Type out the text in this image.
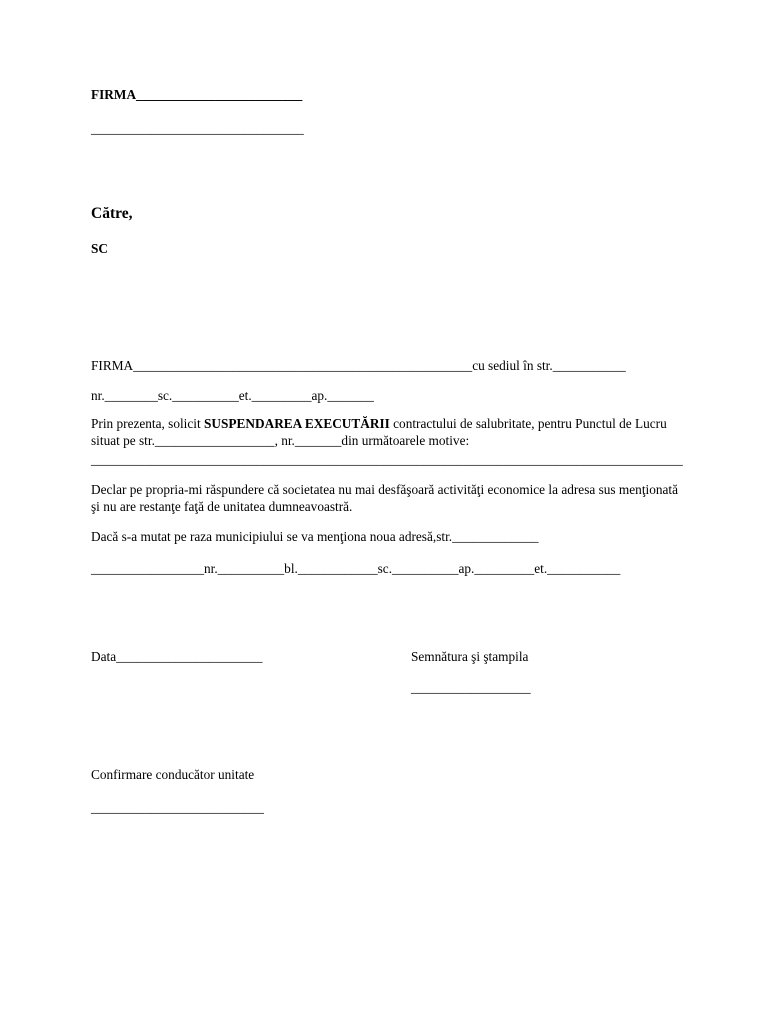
FIRMA_________________________
________________________________
Către,
SC
FIRMA___________________________________________________cu sediul în str.___________
nr.________sc.__________et._________ap._______
Prin prezenta, solicit SUSPENDAREA EXECUTĂRII contractului de salubritate, pentru Punctul de Lucru situat pe str.__________________, nr._______din următoarele motive:
_________________________________________________________________________________________
Declar pe propria-mi răspundere că societatea nu mai desfăşoară activităţi economice la adresa sus menţionată şi nu are restanţe faţă de unitatea dumneavoastră.
Dacă s-a mutat pe raza municipiului se va menţiona noua adresă,str._____________
_________________nr.__________bl.____________sc.__________ap._________et.___________
Data______________________	Semnătura şi ştampila
__________________
Confirmare conducător unitate
__________________________
